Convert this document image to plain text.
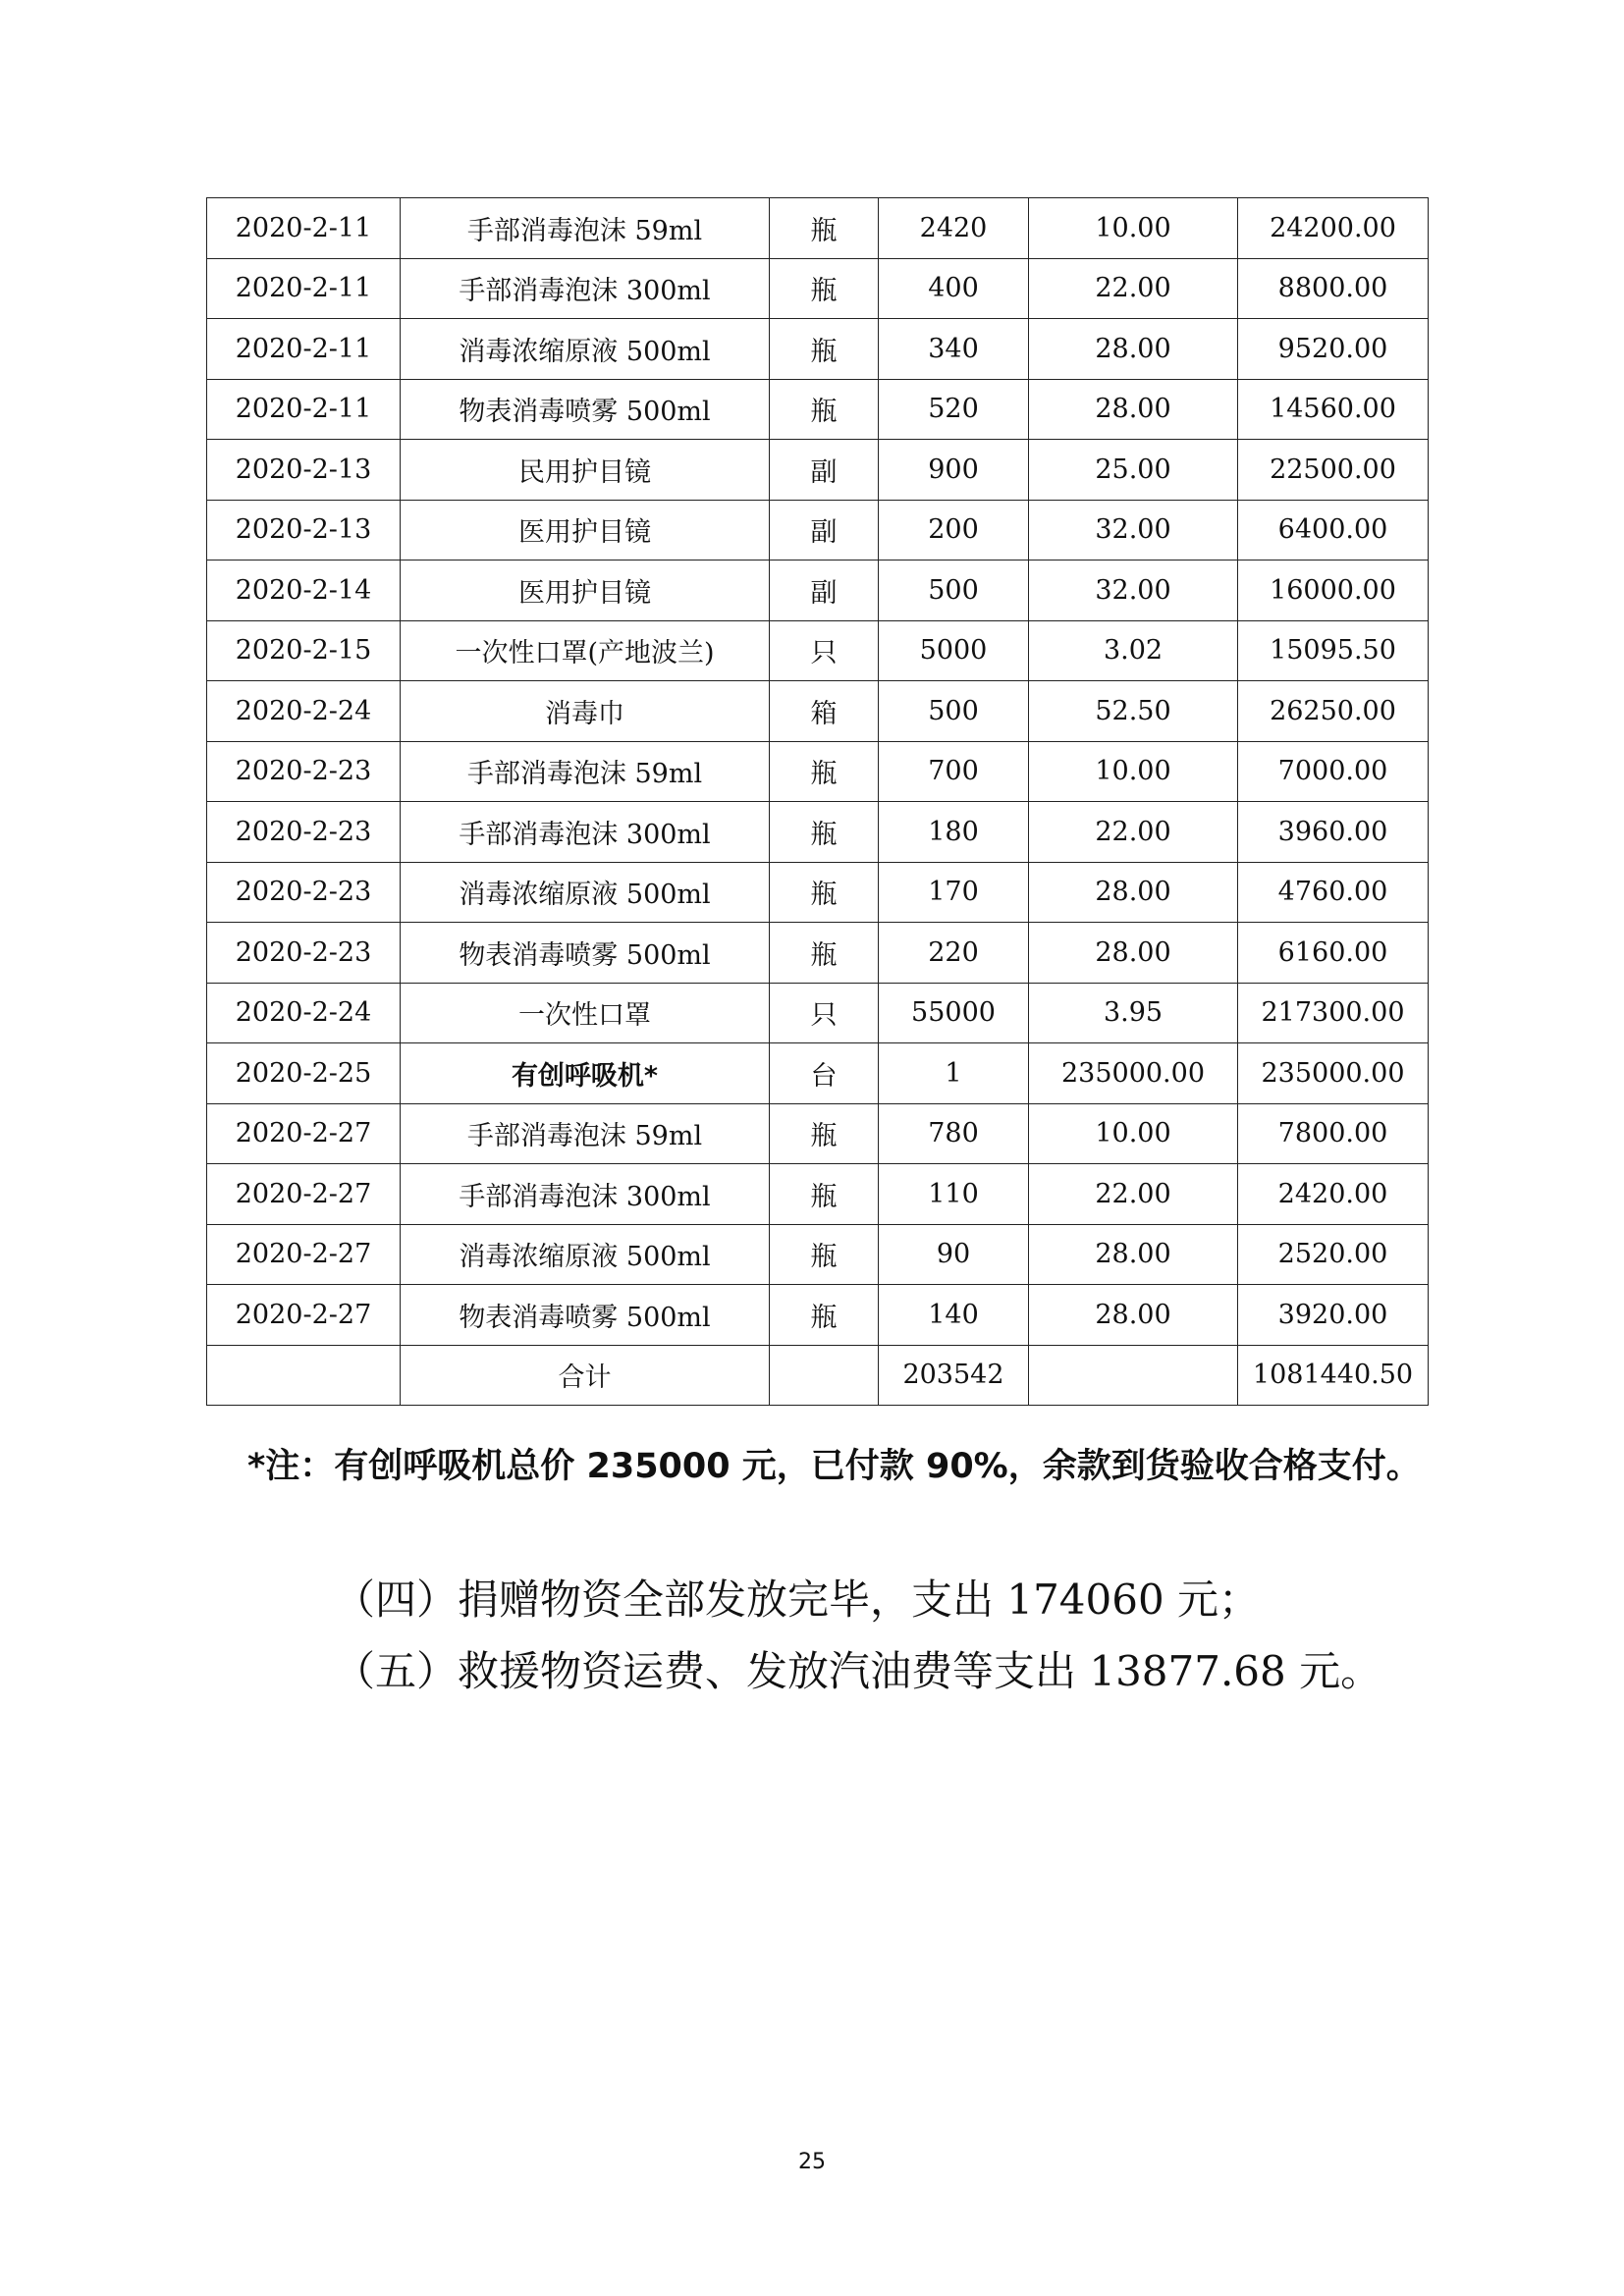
2020-2-11	手部消毒泡沫 59ml	瓶	2420	10.00	24200.00
2020-2-11	手部消毒泡沫 300ml	瓶	400	22.00	8800.00
2020-2-11	消毒浓缩原液 500ml	瓶	340	28.00	9520.00
2020-2-11	物表消毒喷雾 500ml	瓶	520	28.00	14560.00
2020-2-13	民用护目镜	副	900	25.00	22500.00
2020-2-13	医用护目镜	副	200	32.00	6400.00
2020-2-14	医用护目镜	副	500	32.00	16000.00
2020-2-15	一次性口罩(产地波兰)	只	5000	3.02	15095.50
2020-2-24	消毒巾	箱	500	52.50	26250.00
2020-2-23	手部消毒泡沫 59ml	瓶	700	10.00	7000.00
2020-2-23	手部消毒泡沫 300ml	瓶	180	22.00	3960.00
2020-2-23	消毒浓缩原液 500ml	瓶	170	28.00	4760.00
2020-2-23	物表消毒喷雾 500ml	瓶	220	28.00	6160.00
2020-2-24	一次性口罩	只	55000	3.95	217300.00
2020-2-25	有创呼吸机*	台	1	235000.00	235000.00
2020-2-27	手部消毒泡沫 59ml	瓶	780	10.00	7800.00
2020-2-27	手部消毒泡沫 300ml	瓶	110	22.00	2420.00
2020-2-27	消毒浓缩原液 500ml	瓶	90	28.00	2520.00
2020-2-27	物表消毒喷雾 500ml	瓶	140	28.00	3920.00
	合计		203542		1081440.50
*注：有创呼吸机总价 235000 元，已付款 90%，余款到货验收合格支付。
（四）捐赠物资全部发放完毕，支出 174060 元；
（五）救援物资运费、发放汽油费等支出 13877.68 元。
25
